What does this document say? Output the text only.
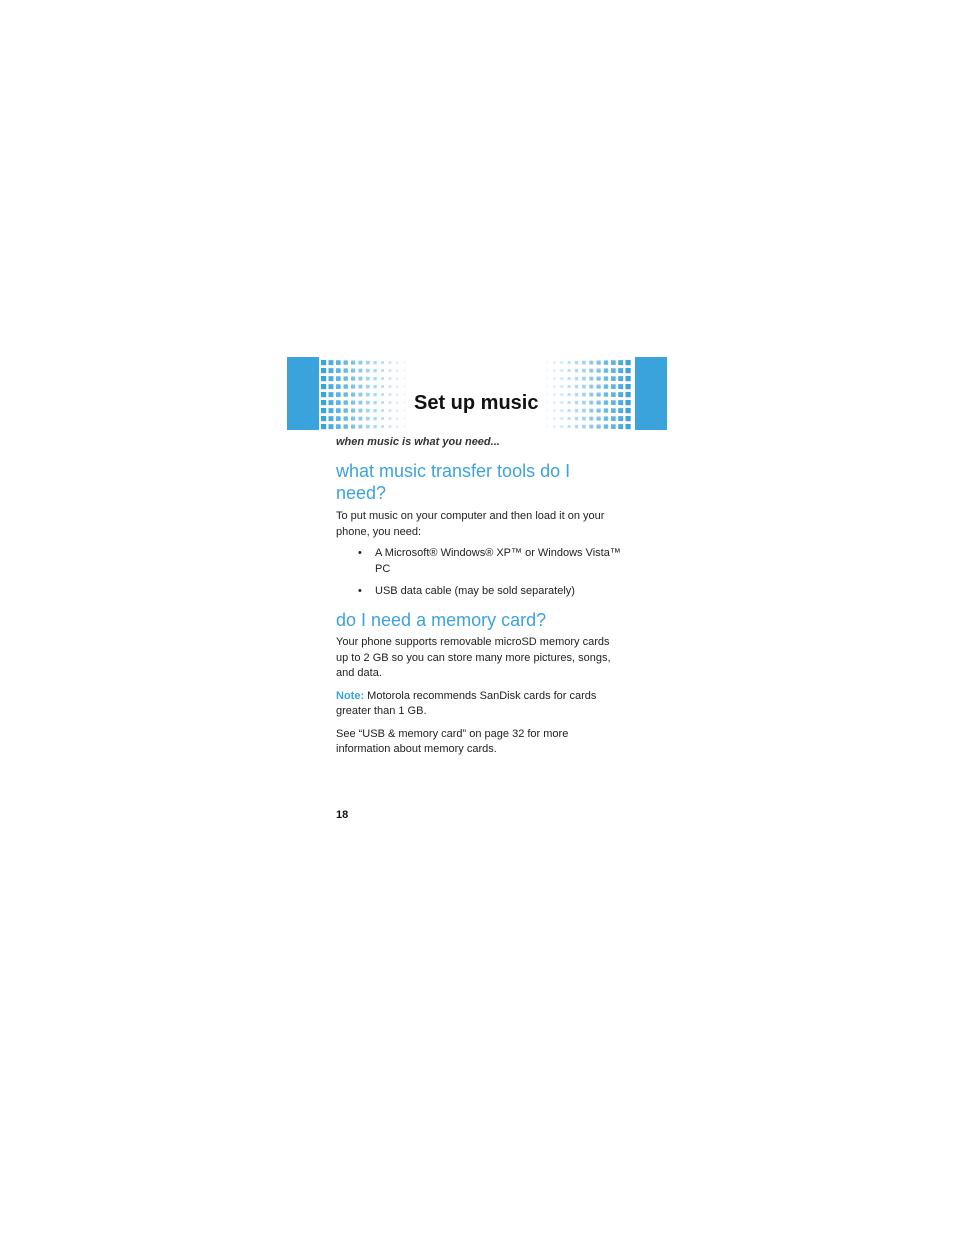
Set up music
when music is what you need...
what music transfer tools do I need?

To put music on your computer and then load it on your phone, you need:

• A Microsoft® Windows® XP™ or Windows Vista™ PC
• USB data cable (may be sold separately)
do I need a memory card?

Your phone supports removable microSD memory cards up to 2 GB so you can store many more pictures, songs, and data.

Note: Motorola recommends SanDisk cards for cards greater than 1 GB.

See “USB & memory card” on page 32 for more information about memory cards.

18
